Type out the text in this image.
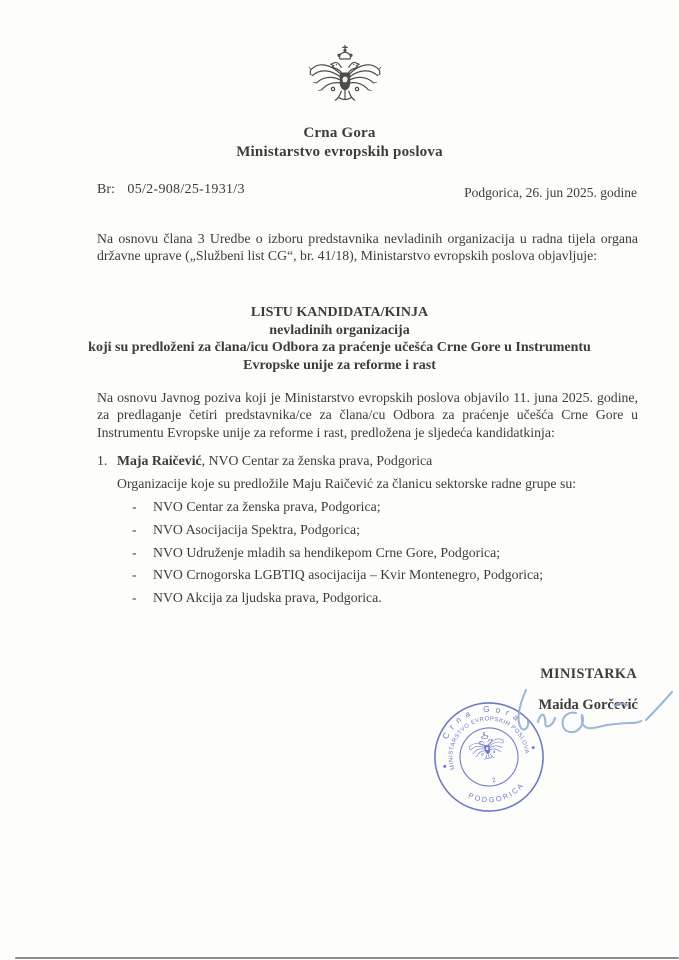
Crna Gora
Ministarstvo evropskih poslova
Br: 05/2-908/25-1931/3	Podgorica, 26. jun 2025. godine
Na osnovu člana 3 Uredbe o izboru predstavnika nevladinih organizacija u radna tijela organa državne uprave („Službeni list CG“, br. 41/18), Ministarstvo evropskih poslova objavljuje:
LISTU KANDIDATA/KINJA
nevladinih organizacija
koji su predloženi za člana/icu Odbora za praćenje učešća Crne Gore u Instrumentu
Evropske unije za reforme i rast
Na osnovu Javnog poziva koji je Ministarstvo evropskih poslova objavilo 11. juna 2025. godine, za predlaganje četiri predstavnika/ce za člana/cu Odbora za praćenje učešća Crne Gore u Instrumentu Evropske unije za reforme i rast, predložena je sljedeća kandidatkinja:
1. Maja Raičević, NVO Centar za ženska prava, Podgorica
Organizacije koje su predložile Maju Raičević za članicu sektorske radne grupe su:
- NVO Centar za ženska prava, Podgorica;
- NVO Asocijacija Spektra, Podgorica;
- NVO Udruženje mladih sa hendikepom Crne Gore, Podgorica;
- NVO Crnogorska LGBTIQ asocijacija – Kvir Montenegro, Podgorica;
- NVO Akcija za ljudska prava, Podgorica.
MINISTARKA
Maida Gorčević
Crna Gora
MINISTARSTVO EVROPSKIH POSLOVA
PODGORICA
2
